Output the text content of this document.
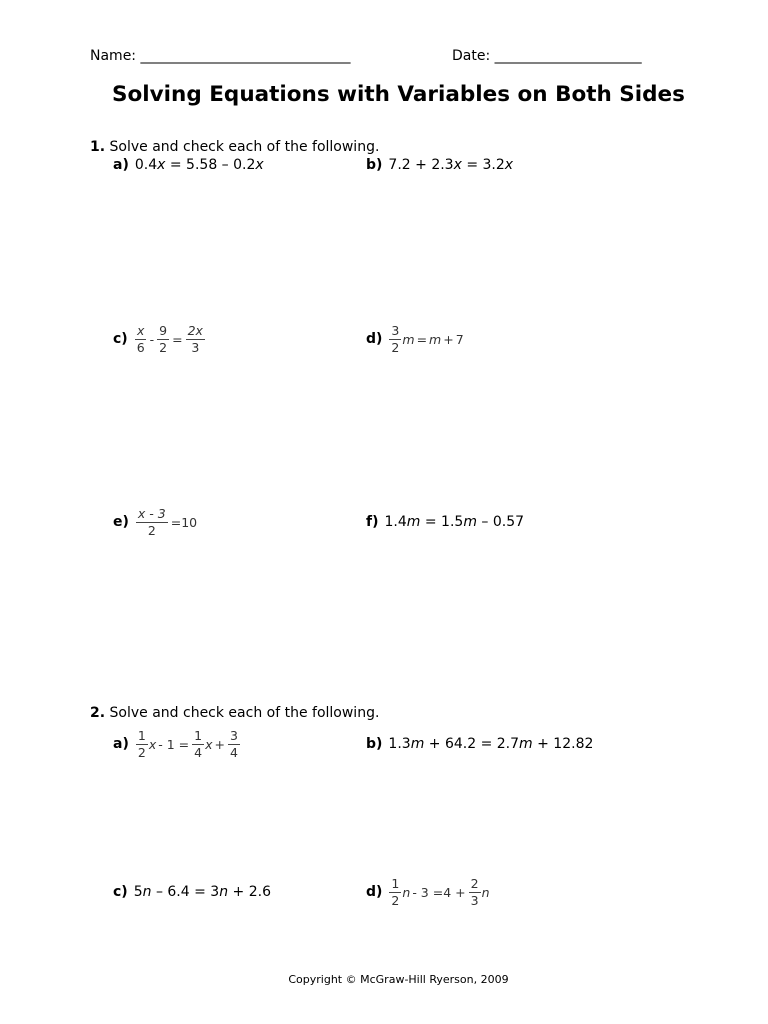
Name: ______________________________	Date: _____________________
Solving Equations with Variables on Both Sides
1. Solve and check each of the following.
a) 0.4 x = 5.58 – 0.2 x	b) 7.2 + 2.3 x = 3.2 x
$c) \frac{x}{6} - \frac{9}{2} = \frac{2x}{3}$	$d) \frac{3}{2}$ m = m + 7
$e) \frac{x - 3}{2} =10$	f) 1.4 m = 1.5 m – 0.57
2. Solve and check each of the following.
$a) \frac{1}{2}$ $x - 1 = \frac{1}{4}$ $x + \frac{3}{4}$	b) 1.3 m + 64.2 = 2.7 m + 12.82
c) 5 n – 6.4 = 3 n + 2.6	$d) \frac{1}{2}$ $n - 3 =4 + \frac{2}{3}$ n
Copyright © McGraw-Hill Ryerson, 2009
